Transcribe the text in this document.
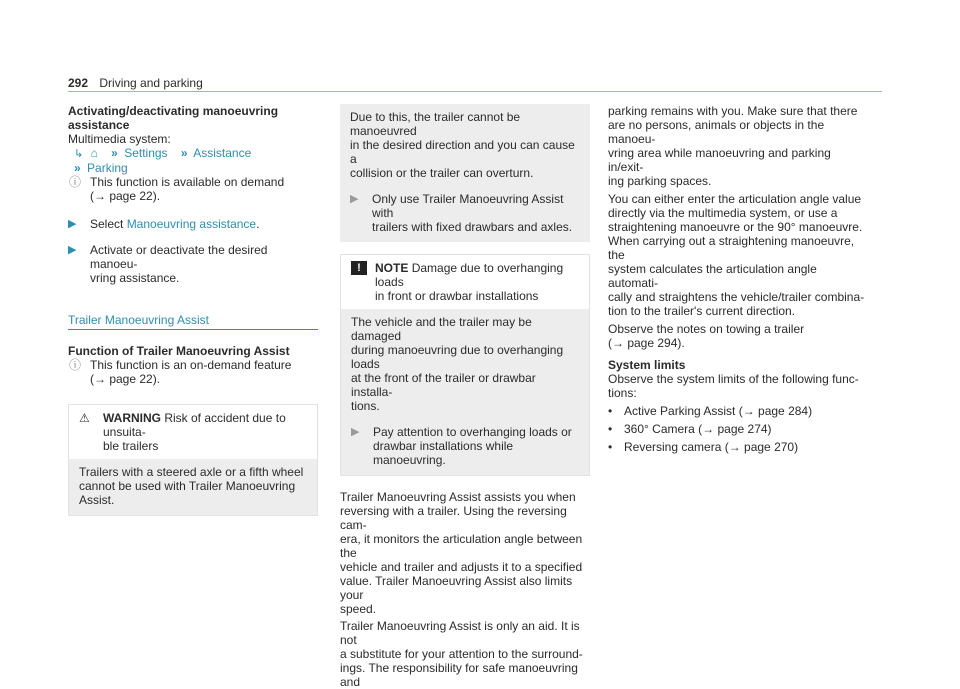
292 Driving and parking
Activating/deactivating manoeuvring assistance

Multimedia system:

↳ ⌂ » Settings » Assistance

» Parking

ⓘ This function is available on demand

(→ page 22).

▶	Select Manoeuvring assistance.

▶	Activate or deactivate the desired manoeu-

vring assistance.

Trailer Manoeuvring Assist
Function of Trailer Manoeuvring Assist
ⓘ This function is an on-demand feature

(→ page 22).

⚠	WARNING Risk of accident due to unsuita-

ble trailers

Trailers with a steered axle or a fifth wheel

cannot be used with Trailer Manoeuvring

Assist.

Due to this, the trailer cannot be manoeuvred

in the desired direction and you can cause a

collision or the trailer can overturn.

▶	Only use Trailer Manoeuvring Assist with

trailers with fixed drawbars and axles.

!	NOTE Damage due to overhanging loads

in front or drawbar installations

The vehicle and the trailer may be damaged

during manoeuvring due to overhanging loads

at the front of the trailer or drawbar installa-

tions.

▶	Pay attention to overhanging loads or

drawbar installations while manoeuvring.

Trailer Manoeuvring Assist assists you when

reversing with a trailer. Using the reversing cam-

era, it monitors the articulation angle between the

vehicle and trailer and adjusts it to a specified

value. Trailer Manoeuvring Assist also limits your

speed.

Trailer Manoeuvring Assist is only an aid. It is not

a substitute for your attention to the surround-

ings. The responsibility for safe manoeuvring and

parking remains with you. Make sure that there

are no persons, animals or objects in the manoeu-

vring area while manoeuvring and parking in/exit-

ing parking spaces.

You can either enter the articulation angle value

directly via the multimedia system, or use a

straightening manoeuvre or the 90° manoeuvre.

When carrying out a straightening manoeuvre, the

system calculates the articulation angle automati-

cally and straightens the vehicle/trailer combina-

tion to the trailer's current direction.

Observe the notes on towing a trailer

(→ page 294).

System limits

Observe the system limits of the following func-

tions:

• Active Parking Assist (→ page 284)
• 360° Camera (→ page 274)
• Reversing camera (→ page 270)
